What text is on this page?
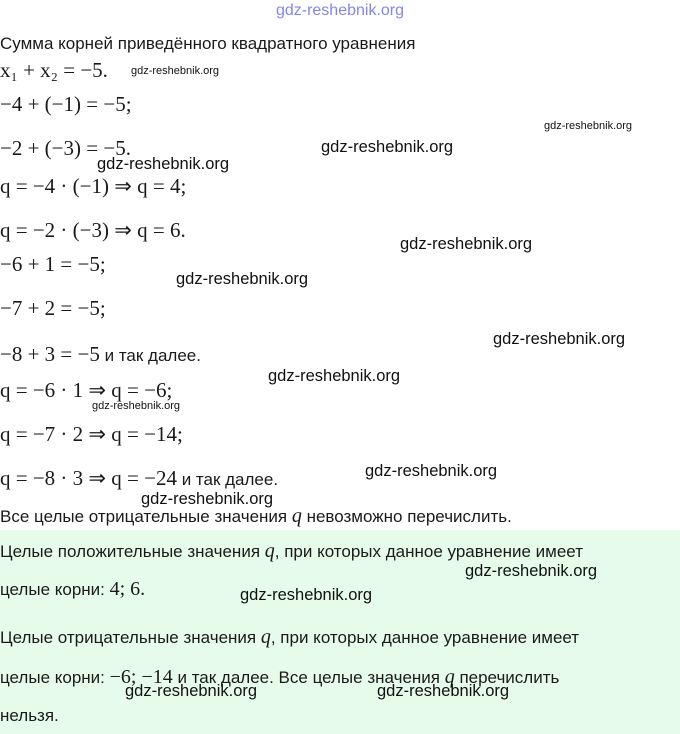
gdz-reshebnik.org
Сумма корней приведённого квадратного уравнения
x₁ + x₂ = −5.
−4 + (−1) = −5;
−2 + (−3) = −5.
q = −4 · (−1) ⇒ q = 4;
q = −2 · (−3) ⇒ q = 6.
−6 + 1 = −5;
−7 + 2 = −5;
−8 + 3 = −5 и так далее.
q = −6 · 1 ⇒ q = −6;
q = −7 · 2 ⇒ q = −14;
q = −8 · 3 ⇒ q = −24 и так далее.
Все целые отрицательные значения q невозможно перечислить.
Целые положительные значения q, при которых данное уравнение имеет
целые корни: 4; 6.
Целые отрицательные значения q, при которых данное уравнение имеет
целые корни: −6; −14 и так далее. Все целые значения q перечислить
нельзя.
gdz-reshebnik.org
gdz-reshebnik.org
gdz-reshebnik.org
gdz-reshebnik.org
gdz-reshebnik.org
gdz-reshebnik.org
gdz-reshebnik.org
gdz-reshebnik.org
gdz-reshebnik.org
gdz-reshebnik.org
gdz-reshebnik.org
gdz-reshebnik.org
gdz-reshebnik.org
gdz-reshebnik.org	gdz-reshebnik.org
